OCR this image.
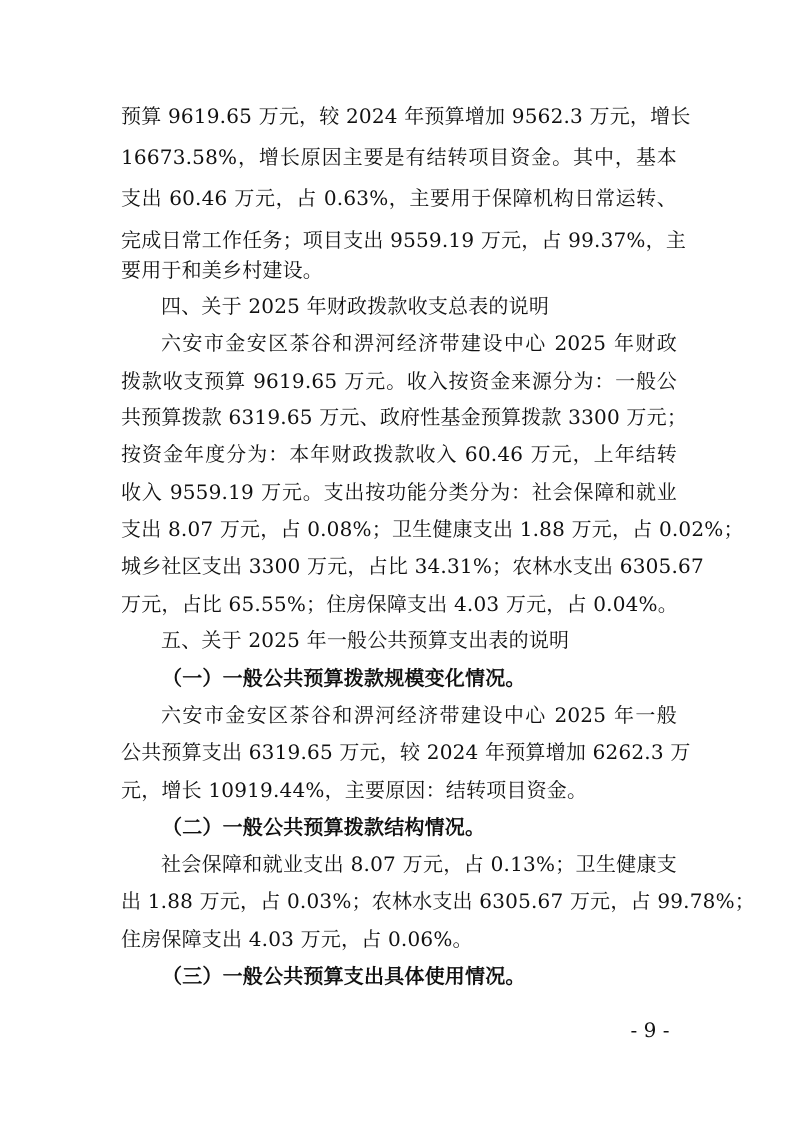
预算 9619.65 万元，较 2024 年预算增加 9562.3 万元，增长
16673.58%，增长原因主要是有结转项目资金。其中，基本
支出 60.46 万元，占 0.63%，主要用于保障机构日常运转、
完成日常工作任务；项目支出 9559.19 万元，占 99.37%，主
要用于和美乡村建设。
四、关于 2025 年财政拨款收支总表的说明
六安市金安区茶谷和淠河经济带建设中心 2025 年财政
拨款收支预算 9619.65 万元。收入按资金来源分为：一般公
共预算拨款 6319.65 万元、政府性基金预算拨款 3300 万元；
按资金年度分为：本年财政拨款收入 60.46 万元，上年结转
收入 9559.19 万元。支出按功能分类分为：社会保障和就业
支出 8.07 万元，占 0.08%；卫生健康支出 1.88 万元，占 0.02%；
城乡社区支出 3300 万元，占比 34.31%；农林水支出 6305.67
万元，占比 65.55%；住房保障支出 4.03 万元，占 0.04%。
五、关于 2025 年一般公共预算支出表的说明
（一）一般公共预算拨款规模变化情况。
六安市金安区茶谷和淠河经济带建设中心 2025 年一般
公共预算支出 6319.65 万元，较 2024 年预算增加 6262.3 万
元，增长 10919.44%，主要原因：结转项目资金。
（二）一般公共预算拨款结构情况。
社会保障和就业支出 8.07 万元，占 0.13%；卫生健康支
出 1.88 万元，占 0.03%；农林水支出 6305.67 万元，占 99.78%；
住房保障支出 4.03 万元，占 0.06%。
（三）一般公共预算支出具体使用情况。
- 9 -
